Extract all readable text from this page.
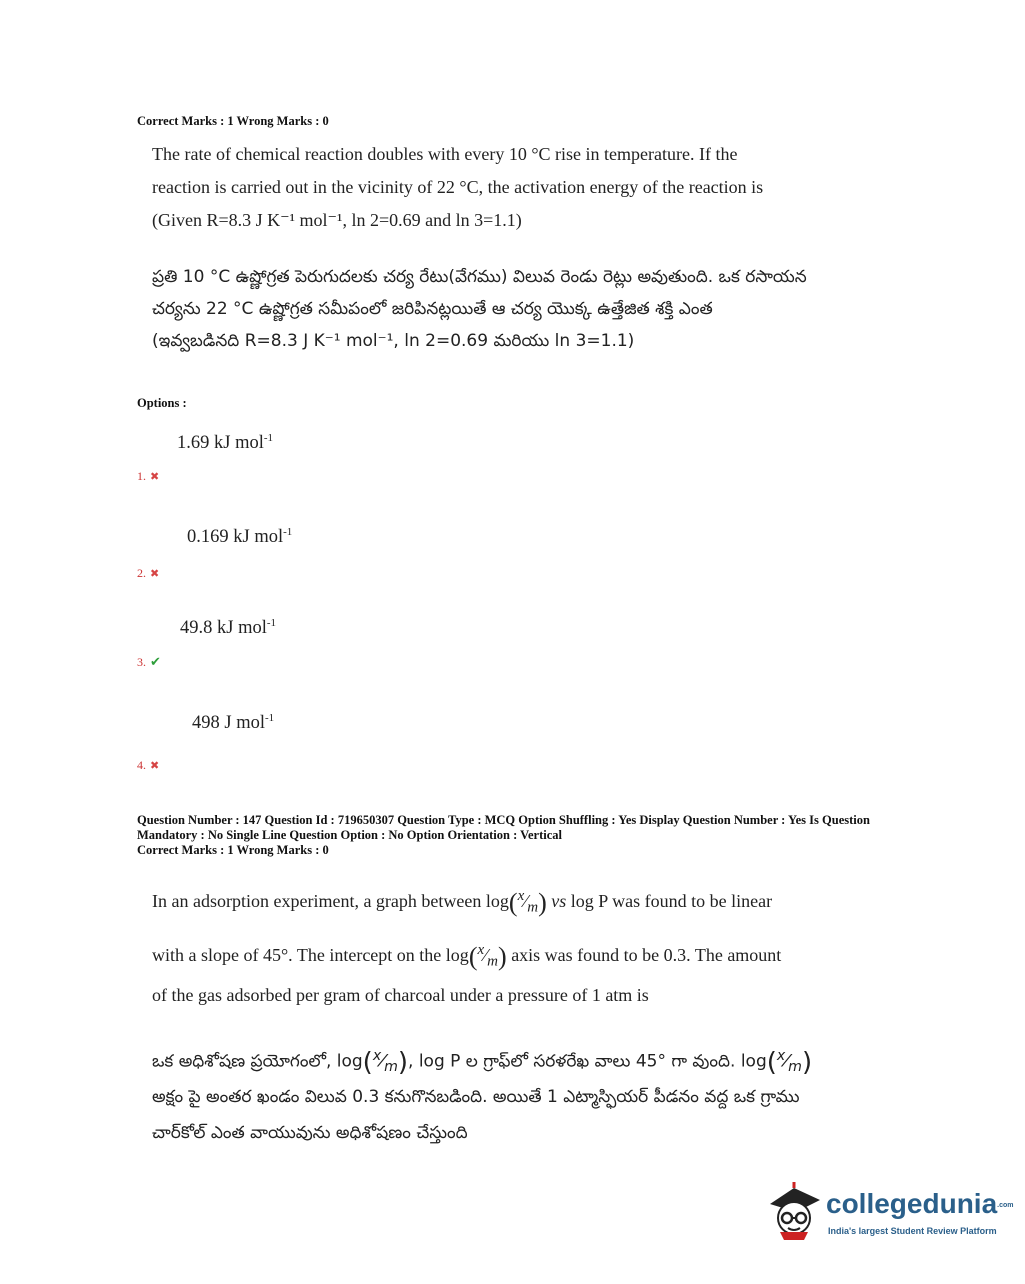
Correct Marks : 1 Wrong Marks : 0
The rate of chemical reaction doubles with every 10 °C rise in temperature. If the
reaction is carried out in the vicinity of 22 °C, the activation energy of the reaction is
(Given R=8.3 J K⁻¹ mol⁻¹, ln 2=0.69 and ln 3=1.1)
ప్రతి 10 °C ఉష్ణోగ్రత పెరుగుదలకు చర్య రేటు(వేగము) విలువ రెండు రెట్లు అవుతుంది. ఒక రసాయన
చర్యను 22 °C ఉష్ణోగ్రత సమీపంలో జరిపినట్లయితే ఆ చర్య యొక్క ఉత్తేజిత శక్తి ఎంత
(ఇవ్వబడినది R=8.3 J K⁻¹ mol⁻¹, ln 2=0.69 మరియు ln 3=1.1)
Options :
1.69 kJ mol$^{-1}$
1. ✖
0.169 kJ mol$^{-1}$
2. ✖
49.8 kJ mol$^{-1}$
3. ✔
498 J mol$^{-1}$
4. ✖
Question Number : 147 Question Id : 719650307 Question Type : MCQ Option Shuffling : Yes Display Question Number : Yes Is Question
Mandatory : No Single Line Question Option : No Option Orientation : Vertical
Correct Marks : 1 Wrong Marks : 0
In an adsorption experiment, a graph between $\log(^x⁄_m)$ vs log P was found to be linear
with a slope of 45°. The intercept on the $\log(^x⁄_m)$ axis was found to be 0.3. The amount
of the gas adsorbed per gram of charcoal under a pressure of 1 atm is
ఒక అధిశోషణ ప్రయోగంలో, $\log(^x⁄_m)$, log P ల గ్రాఫ్‌లో సరళరేఖ వాలు 45° గా వుంది. $\log(^x⁄_m)$
అక్షం పై అంతర ఖండం విలువ 0.3 కనుగొనబడింది. అయితే 1 ఎట్మాస్ఫియర్ పీడనం వద్ద ఒక గ్రాము
చార్‌కోల్ ఎంత వాయువును అధిశోషణం చేస్తుంది
collegedunia.com
India's largest Student Review Platform
